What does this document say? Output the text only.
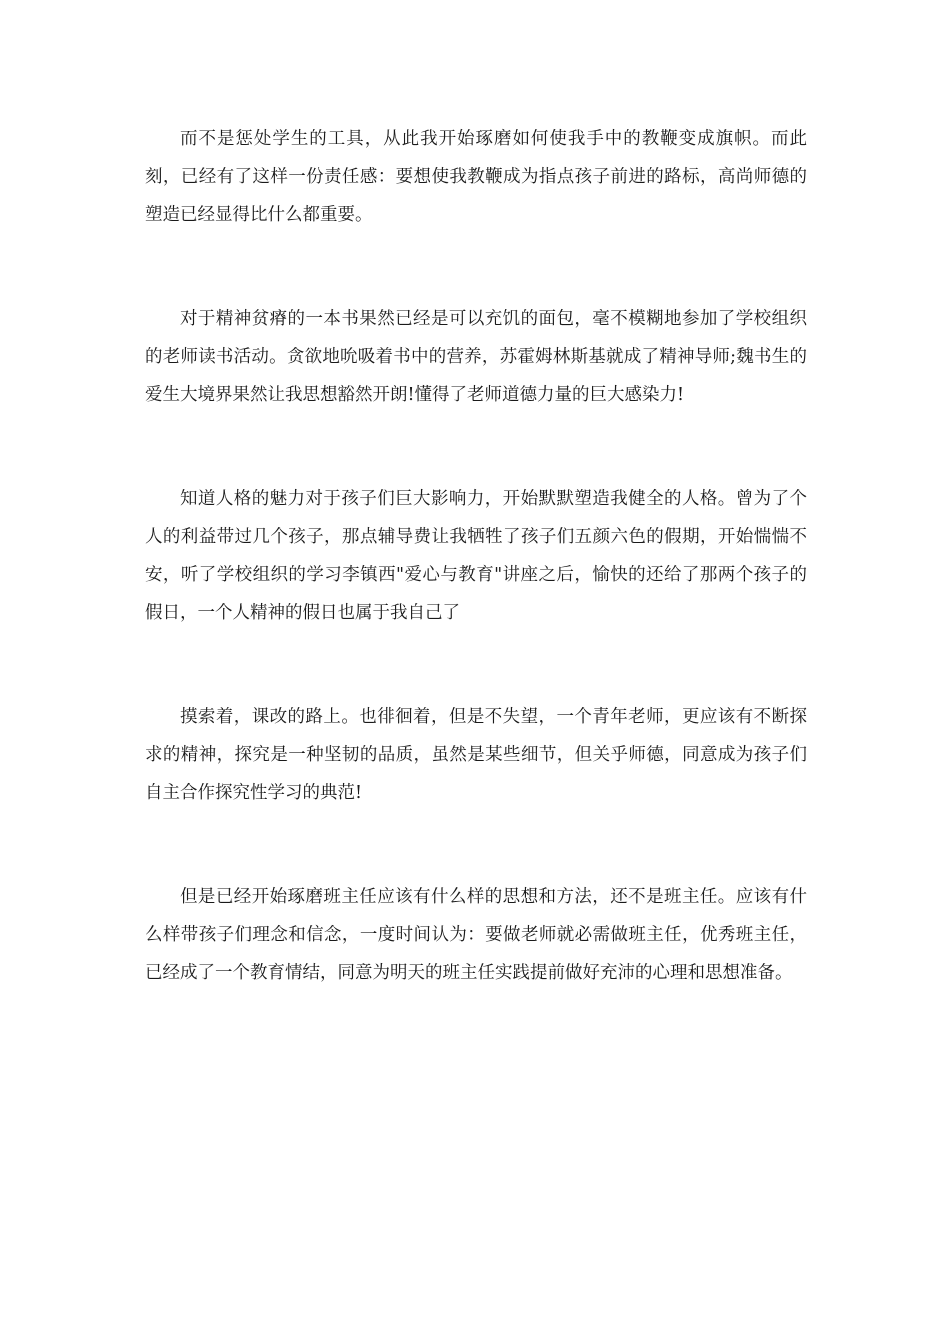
而不是惩处学生的工具，从此我开始琢磨如何使我手中的教鞭变成旗帜。而此刻，已经有了这样一份责任感：要想使我教鞭成为指点孩子前进的路标，高尚师德的塑造已经显得比什么都重要。

对于精神贫瘠的一本书果然已经是可以充饥的面包，毫不模糊地参加了学校组织的老师读书活动。贪欲地吮吸着书中的营养，苏霍姆林斯基就成了精神导师;魏书生的爱生大境界果然让我思想豁然开朗!懂得了老师道德力量的巨大感染力!

知道人格的魅力对于孩子们巨大影响力，开始默默塑造我健全的人格。曾为了个人的利益带过几个孩子，那点辅导费让我牺牲了孩子们五颜六色的假期，开始惴惴不安，听了学校组织的学习李镇西"爱心与教育"讲座之后，愉快的还给了那两个孩子的假日，一个人精神的假日也属于我自己了

摸索着，课改的路上。也徘徊着，但是不失望，一个青年老师，更应该有不断探求的精神，探究是一种坚韧的品质，虽然是某些细节，但关乎师德，同意成为孩子们自主合作探究性学习的典范!

但是已经开始琢磨班主任应该有什么样的思想和方法，还不是班主任。应该有什么样带孩子们理念和信念，一度时间认为：要做老师就必需做班主任，优秀班主任，已经成了一个教育情结，同意为明天的班主任实践提前做好充沛的心理和思想准备。
